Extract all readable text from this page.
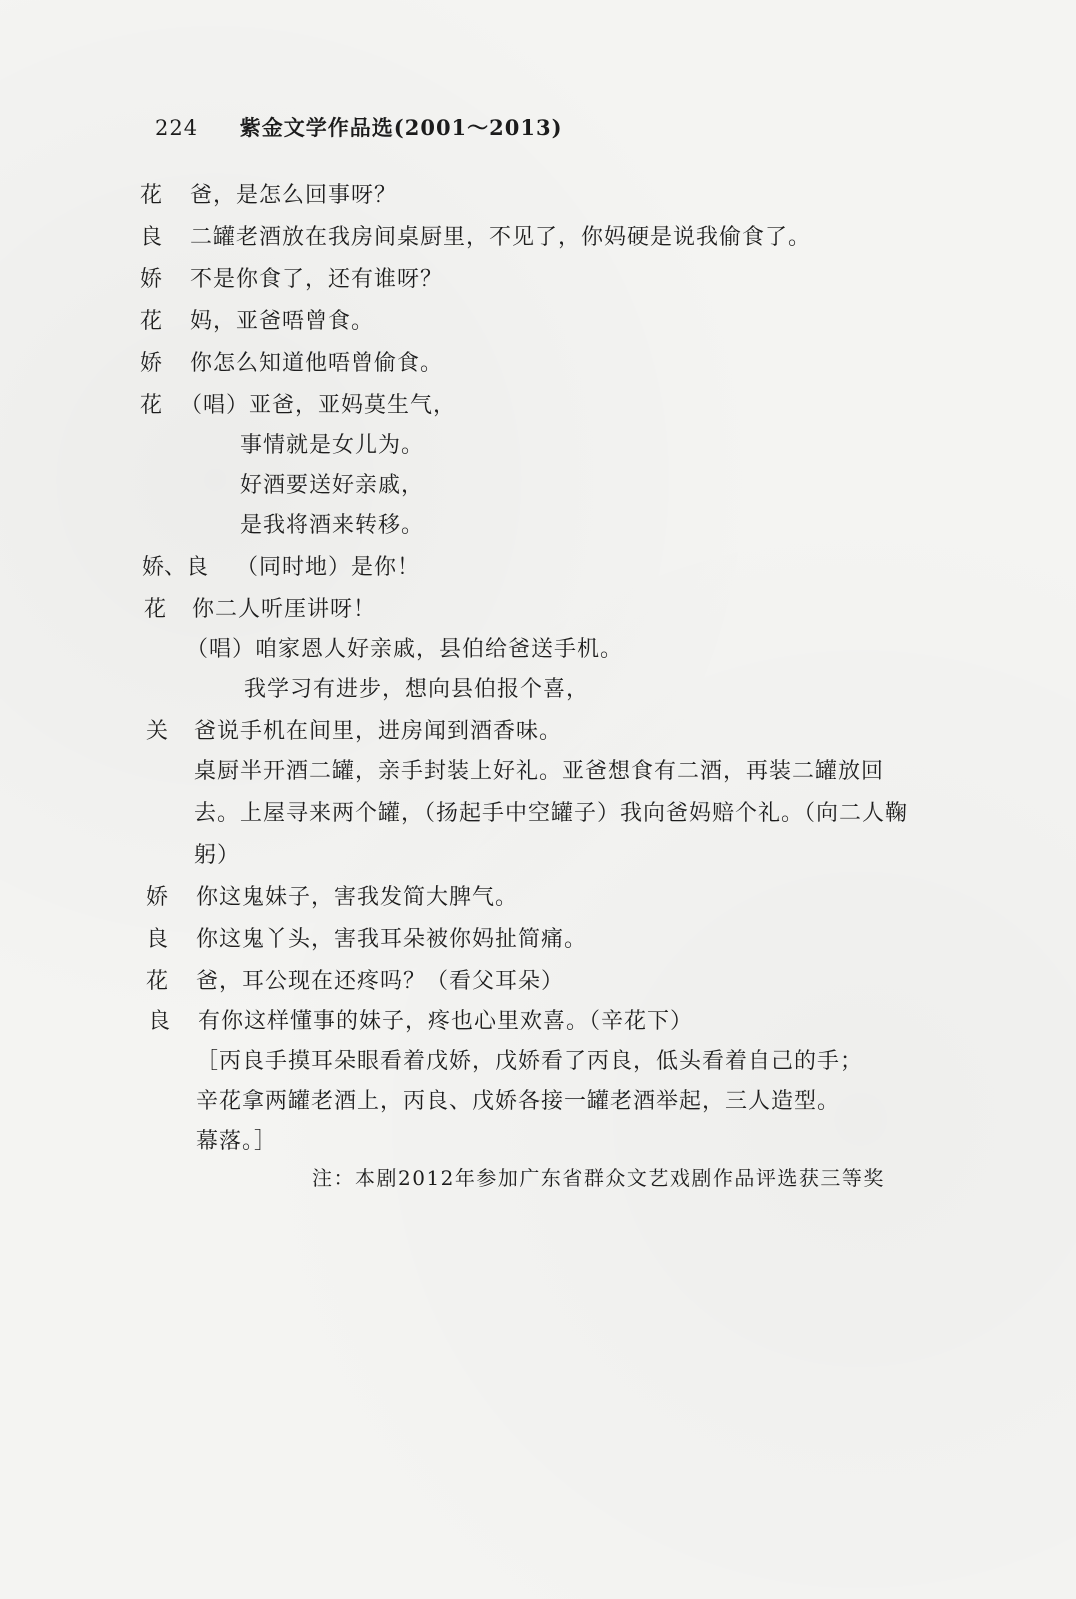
224 紫金文学作品选(2001～2013)
花 爸，是怎么回事呀？
良 二罐老酒放在我房间桌厨里，不见了，你妈硬是说我偷食了。
娇 不是你食了，还有谁呀？
花 妈，亚爸唔曾食。
娇 你怎么知道他唔曾偷食。
花 （唱）亚爸，亚妈莫生气，
事情就是女儿为。
好酒要送好亲戚，
是我将酒来转移。
娇、良 （同时地）是你！
花 你二人听厓讲呀！
（唱）咱家恩人好亲戚，县伯给爸送手机。
我学习有进步，想向县伯报个喜，
关 爸说手机在间里，进房闻到酒香味。
桌厨半开酒二罐，亲手封装上好礼。亚爸想食有二酒，再装二罐放回
去。上屋寻来两个罐，（扬起手中空罐子）我向爸妈赔个礼。（向二人鞠
躬）
娇 你这鬼妹子，害我发简大脾气。
良 你这鬼丫头，害我耳朵被你妈扯简痛。
花 爸，耳公现在还疼吗？（看父耳朵）
良 有你这样懂事的妹子，疼也心里欢喜。（辛花下）
［丙良手摸耳朵眼看着戊娇，戊娇看了丙良，低头看着自己的手；
辛花拿两罐老酒上，丙良、戊娇各接一罐老酒举起，三人造型。
幕落。］
注：本剧2012年参加广东省群众文艺戏剧作品评选获三等奖
